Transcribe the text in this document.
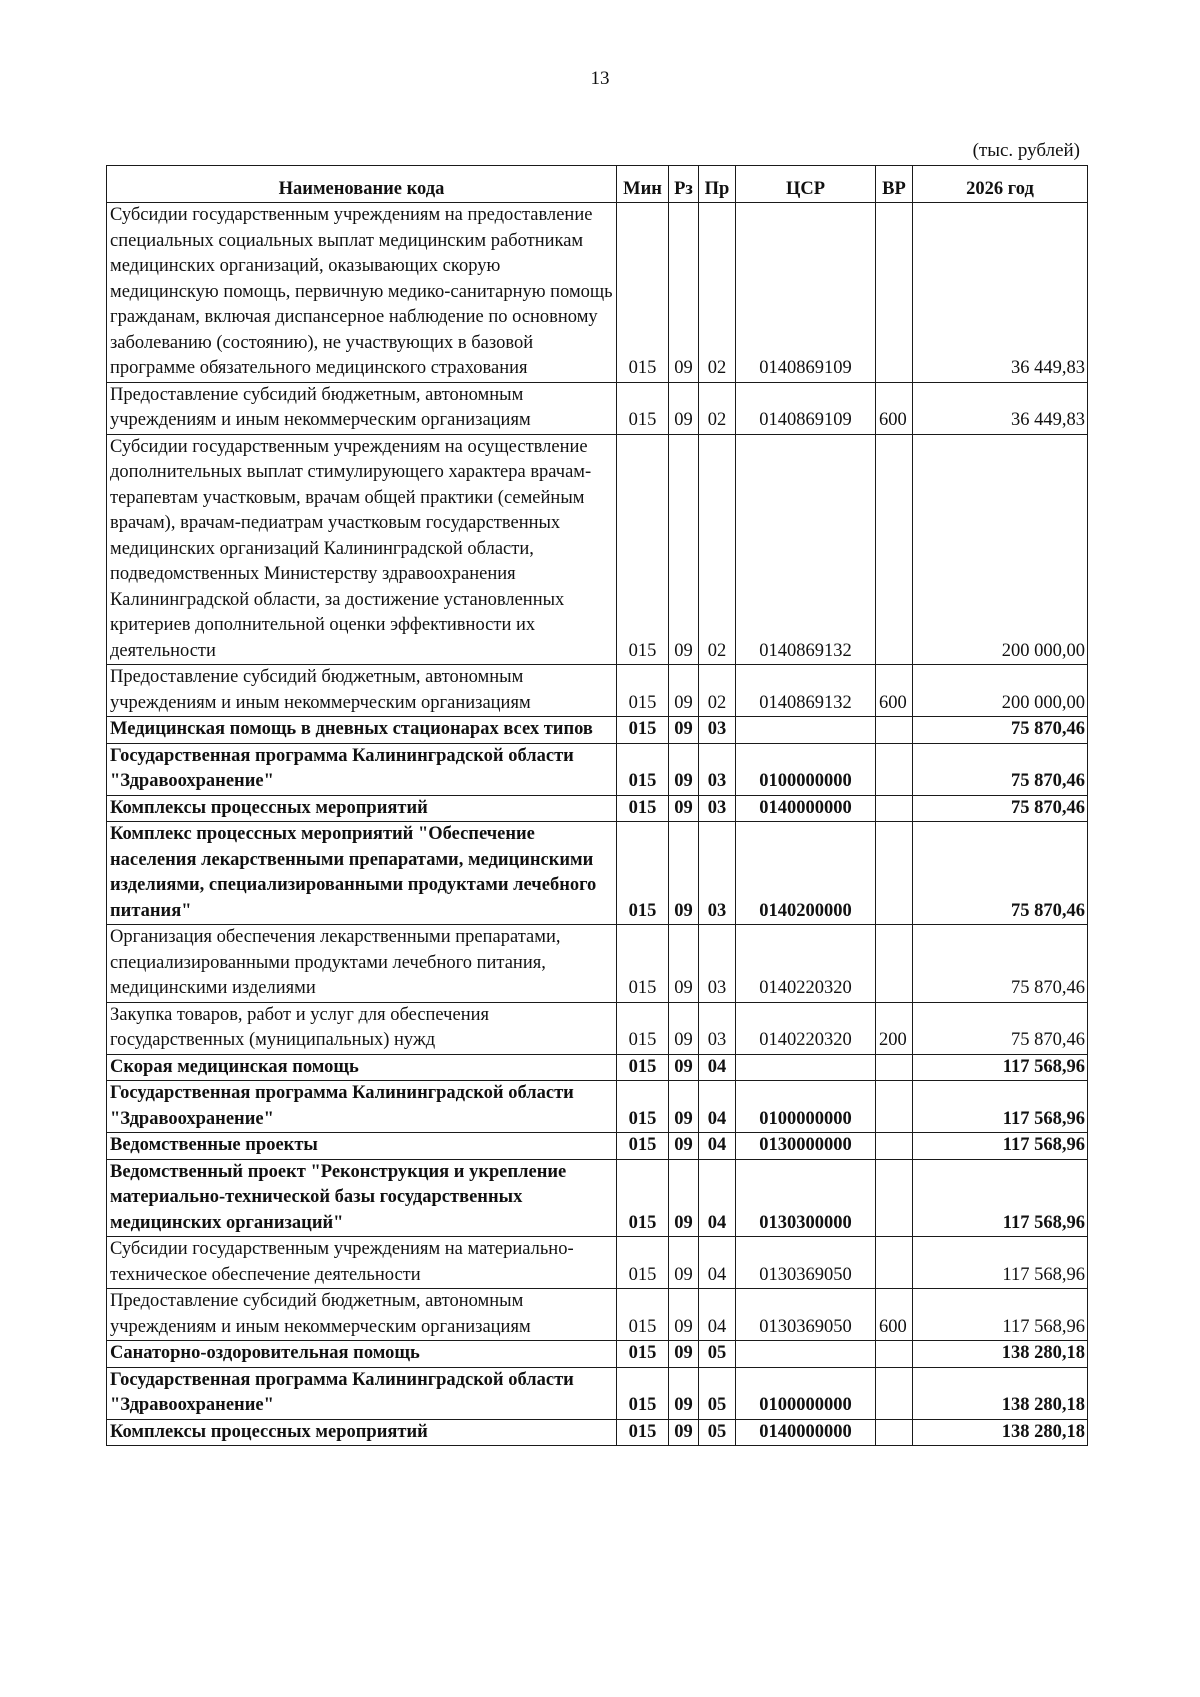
13
(тыс. рублей)
Наименование кода	Мин	Рз	Пр	ЦСР	ВР	2026 год
Субсидии государственным учреждениям на предоставление специальных социальных выплат медицинским работникам медицинских организаций, оказывающих скорую медицинскую помощь, первичную медико-санитарную помощь гражданам, включая диспансерное наблюдение по основному заболеванию (состоянию), не участвующих в базовой программе обязательного медицинского страхования	015	09	02	0140869109		36 449,83
Предоставление субсидий бюджетным, автономным учреждениям и иным некоммерческим организациям	015	09	02	0140869109	600	36 449,83
Субсидии государственным учреждениям на осуществление дополнительных выплат стимулирующего характера врачам-терапевтам участковым, врачам общей практики (семейным врачам), врачам-педиатрам участковым государственных медицинских организаций Калининградской области, подведомственных Министерству здравоохранения Калининградской области, за достижение установленных критериев дополнительной оценки эффективности их деятельности	015	09	02	0140869132		200 000,00
Предоставление субсидий бюджетным, автономным учреждениям и иным некоммерческим организациям	015	09	02	0140869132	600	200 000,00
Медицинская помощь в дневных стационарах всех типов	015	09	03			75 870,46
Государственная программа Калининградской области "Здравоохранение"	015	09	03	0100000000		75 870,46
Комплексы процессных мероприятий	015	09	03	0140000000		75 870,46
Комплекс процессных мероприятий "Обеспечение населения лекарственными препаратами, медицинскими изделиями, специализированными продуктами лечебного питания"	015	09	03	0140200000		75 870,46
Организация обеспечения лекарственными препаратами, специализированными продуктами лечебного питания, медицинскими изделиями	015	09	03	0140220320		75 870,46
Закупка товаров, работ и услуг для обеспечения государственных (муниципальных) нужд	015	09	03	0140220320	200	75 870,46
Скорая медицинская помощь	015	09	04			117 568,96
Государственная программа Калининградской области "Здравоохранение"	015	09	04	0100000000		117 568,96
Ведомственные проекты	015	09	04	0130000000		117 568,96
Ведомственный проект "Реконструкция и укрепление материально-технической базы государственных медицинских организаций"	015	09	04	0130300000		117 568,96
Субсидии государственным учреждениям на материально-техническое обеспечение деятельности	015	09	04	0130369050		117 568,96
Предоставление субсидий бюджетным, автономным учреждениям и иным некоммерческим организациям	015	09	04	0130369050	600	117 568,96
Санаторно-оздоровительная помощь	015	09	05			138 280,18
Государственная программа Калининградской области "Здравоохранение"	015	09	05	0100000000		138 280,18
Комплексы процессных мероприятий	015	09	05	0140000000		138 280,18
